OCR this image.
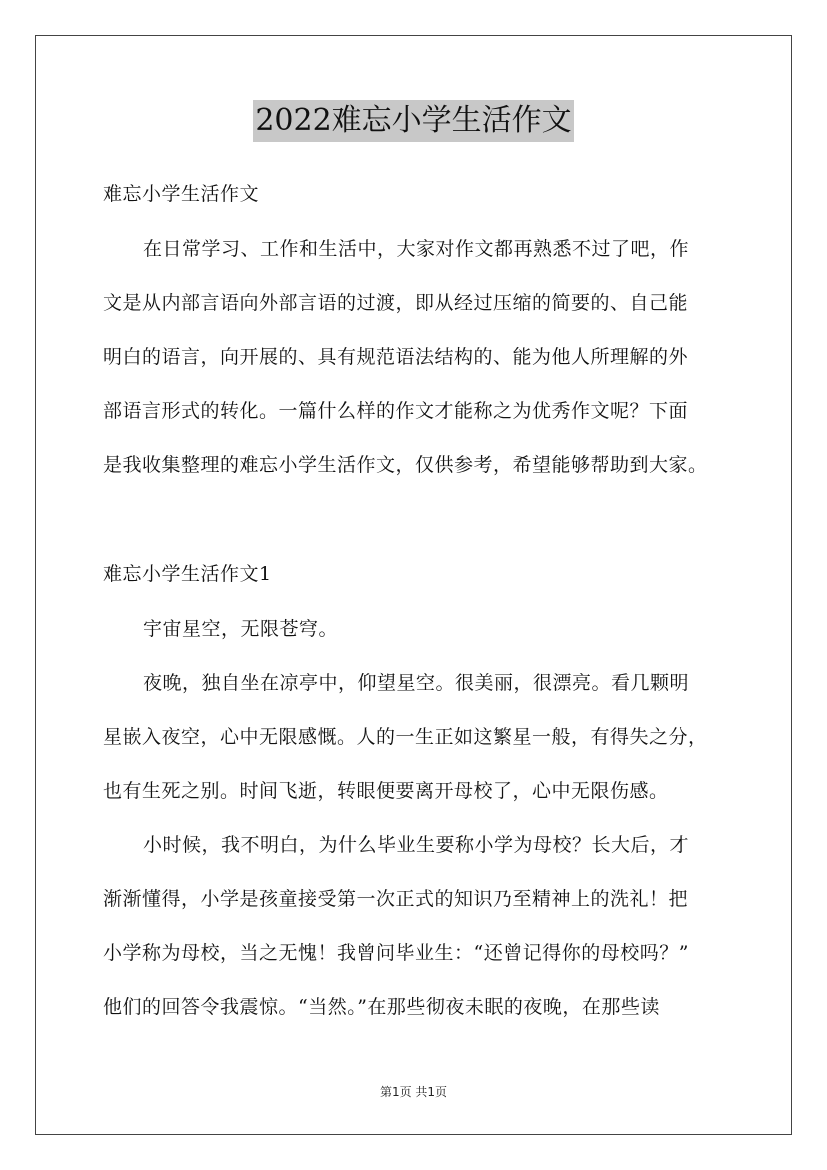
2022难忘小学生活作文
难忘小学生活作文
在日常学习、工作和生活中，大家对作文都再熟悉不过了吧，作
文是从内部言语向外部言语的过渡，即从经过压缩的简要的、自己能
明白的语言，向开展的、具有规范语法结构的、能为他人所理解的外
部语言形式的转化。一篇什么样的作文才能称之为优秀作文呢？下面
是我收集整理的难忘小学生活作文，仅供参考，希望能够帮助到大家。
难忘小学生活作文1
宇宙星空，无限苍穹。
夜晚，独自坐在凉亭中，仰望星空。很美丽，很漂亮。看几颗明
星嵌入夜空，心中无限感慨。人的一生正如这繁星一般，有得失之分，
也有生死之别。时间飞逝，转眼便要离开母校了，心中无限伤感。
小时候，我不明白，为什么毕业生要称小学为母校？长大后，才
渐渐懂得，小学是孩童接受第一次正式的知识乃至精神上的洗礼！把
小学称为母校，当之无愧！我曾问毕业生：“还曾记得你的母校吗？”
他们的回答令我震惊。“当然。”在那些彻夜未眠的夜晚，在那些读
第1页 共1页
